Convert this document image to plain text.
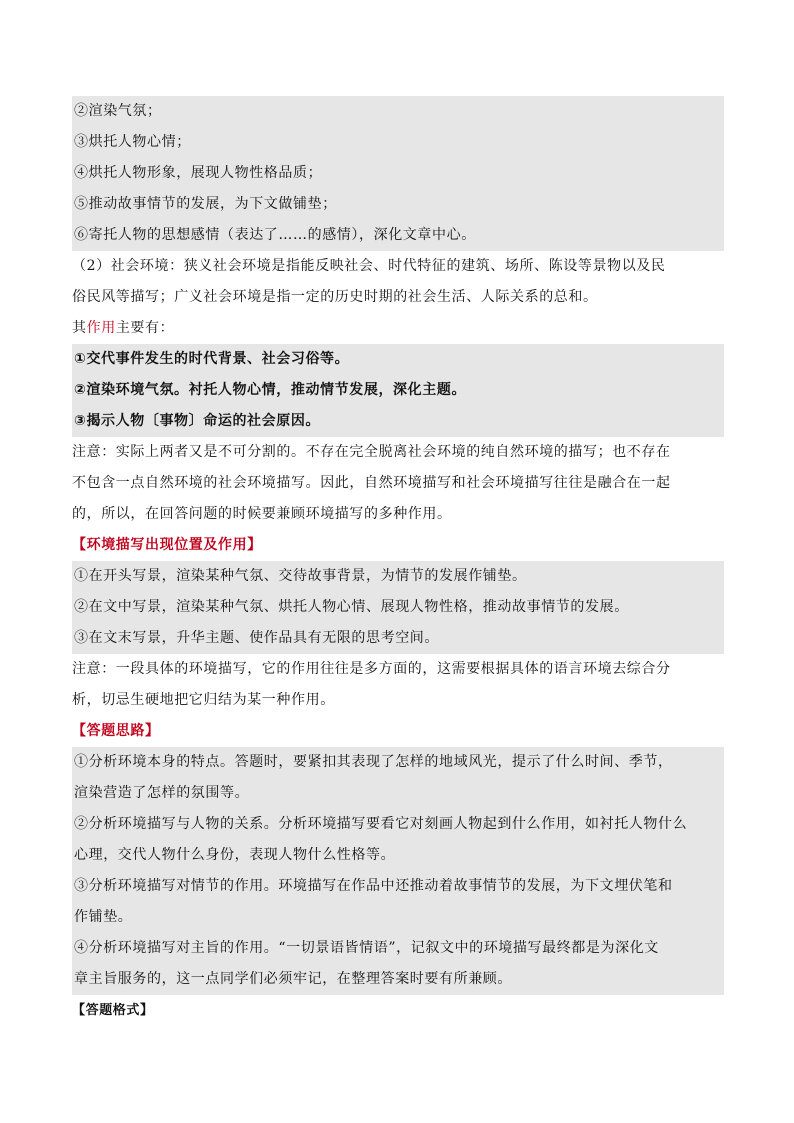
②渲染气氛；
③烘托人物心情；
④烘托人物形象，展现人物性格品质；
⑤推动故事情节的发展，为下文做铺垫；
⑥寄托人物的思想感情（表达了……的感情），深化文章中心。
（2）社会环境：狭义社会环境是指能反映社会、时代特征的建筑、场所、陈设等景物以及民
俗民风等描写；广义社会环境是指一定的历史时期的社会生活、人际关系的总和。
其作用主要有：
①交代事件发生的时代背景、社会习俗等。
②渲染环境气氛。衬托人物心情，推动情节发展，深化主题。
③揭示人物〔事物〕命运的社会原因。
注意：实际上两者又是不可分割的。不存在完全脱离社会环境的纯自然环境的描写；也不存在
不包含一点自然环境的社会环境描写。因此，自然环境描写和社会环境描写往往是融合在一起
的，所以，在回答问题的时候要兼顾环境描写的多种作用。
【环境描写出现位置及作用】
①在开头写景，渲染某种气氛、交待故事背景，为情节的发展作铺垫。
②在文中写景，渲染某种气氛、烘托人物心情、展现人物性格，推动故事情节的发展。
③在文末写景，升华主题、使作品具有无限的思考空间。
注意：一段具体的环境描写，它的作用往往是多方面的，这需要根据具体的语言环境去综合分
析，切忌生硬地把它归结为某一种作用。
【答题思路】
①分析环境本身的特点。答题时，要紧扣其表现了怎样的地域风光，提示了什么时间、季节，
渲染营造了怎样的氛围等。
②分析环境描写与人物的关系。分析环境描写要看它对刻画人物起到什么作用，如衬托人物什么
心理，交代人物什么身份，表现人物什么性格等。
③分析环境描写对情节的作用。环境描写在作品中还推动着故事情节的发展，为下文埋伏笔和
作铺垫。
④分析环境描写对主旨的作用。“一切景语皆情语”，记叙文中的环境描写最终都是为深化文
章主旨服务的，这一点同学们必须牢记，在整理答案时要有所兼顾。
【答题格式】
